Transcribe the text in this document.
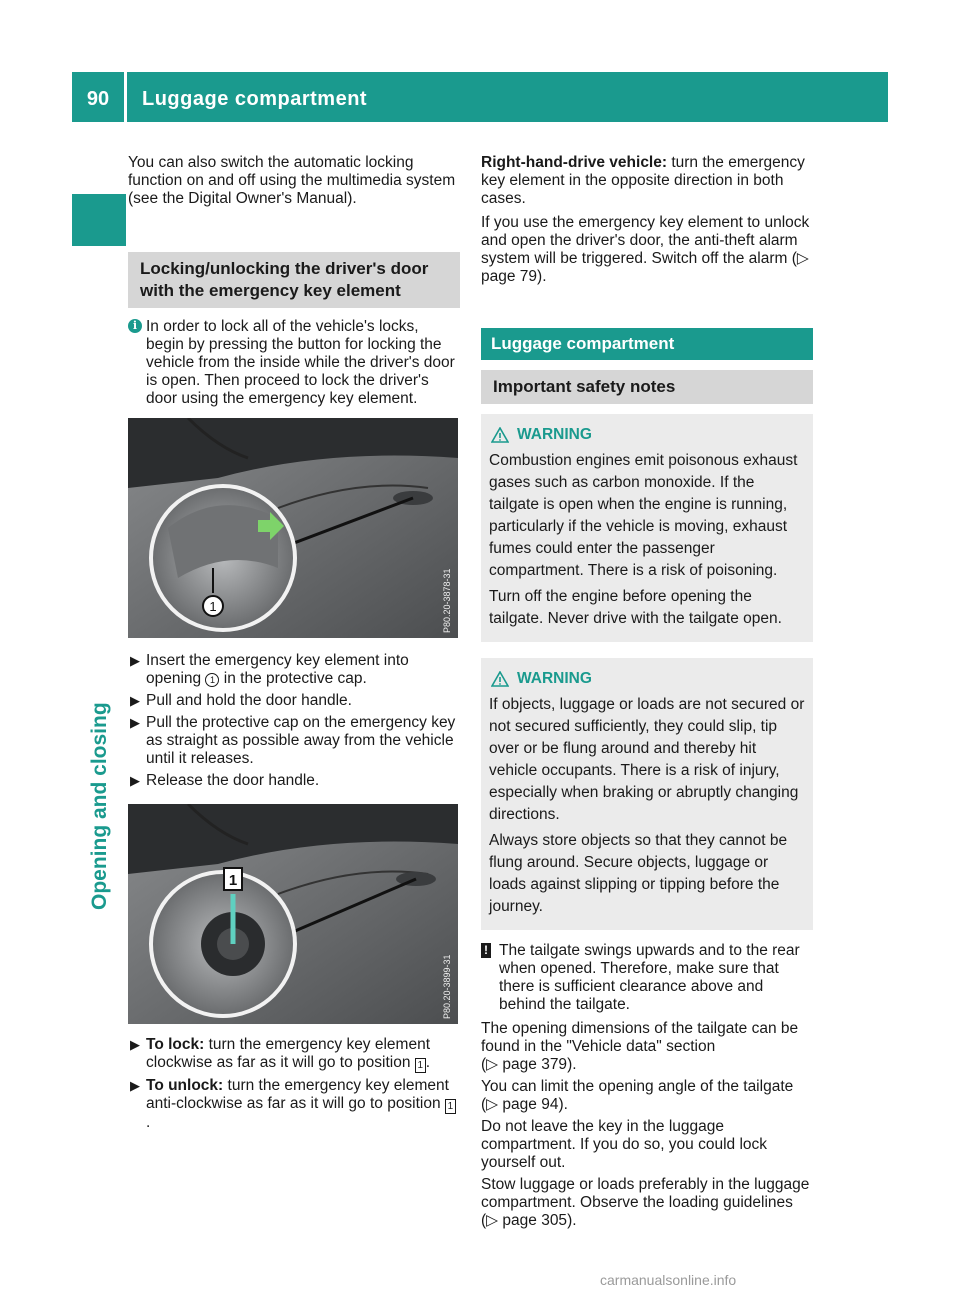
90	Luggage compartment
Opening and closing

You can also switch the automatic locking function on and off using the multimedia system (see the Digital Owner's Manual).

Locking/unlocking the driver's door with the emergency key element
i In order to lock all of the vehicle's locks, begin by pressing the button for locking the vehicle from the inside while the driver's door is open. Then proceed to lock the driver's door using the emergency key element.
1	P80.20-3878-31
▶ Insert the emergency key element into opening 1 in the protective cap.
▶ Pull and hold the door handle.
▶ Pull the protective cap on the emergency key as straight as possible away from the vehicle until it releases.
▶ Release the door handle.
1
P80.20-3899-31
▶ To lock: turn the emergency key element clockwise as far as it will go to position 1 .
▶ To unlock: turn the emergency key element anti-clockwise as far as it will go to position 1.

Right-hand-drive vehicle: turn the emergency key element in the opposite direction in both cases.

If you use the emergency key element to unlock and open the driver's door, the anti-theft alarm system will be triggered. Switch off the alarm (▷ page 79).

Luggage compartment
Important safety notes
WARNING

Combustion engines emit poisonous exhaust gases such as carbon monoxide. If the tailgate is open when the engine is running, particularly if the vehicle is moving, exhaust fumes could enter the passenger compartment. There is a risk of poisoning.

Turn off the engine before opening the tailgate. Never drive with the tailgate open.

WARNING

If objects, luggage or loads are not secured or not secured sufficiently, they could slip, tip over or be flung around and thereby hit vehicle occupants. There is a risk of injury, especially when braking or abruptly changing directions.

Always store objects so that they cannot be flung around. Secure objects, luggage or loads against slipping or tipping before the journey.

! The tailgate swings upwards and to the rear when opened. Therefore, make sure that there is sufficient clearance above and behind the tailgate.

The opening dimensions of the tailgate can be found in the "Vehicle data" section
(▷ page 379).

You can limit the opening angle of the tailgate
(▷ page 94).

Do not leave the key in the luggage compartment. If you do so, you could lock yourself out.

Stow luggage or loads preferably in the luggage compartment. Observe the loading guidelines
(▷ page 305).

carmanualsonline.info
